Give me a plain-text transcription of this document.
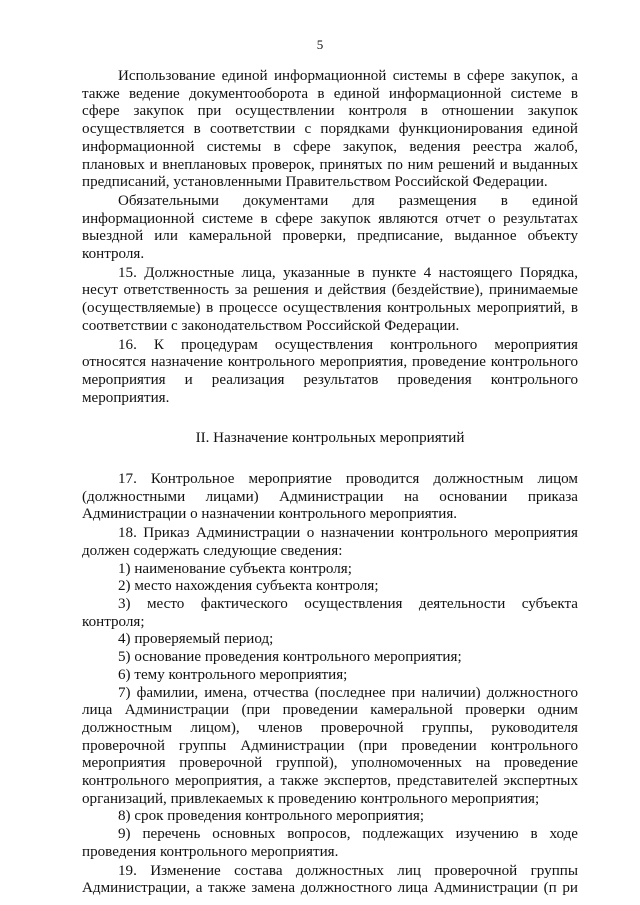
5

Использование единой информационной системы в сфере закупок, а также ведение документооборота в единой информационной системе в сфере закупок при осуществлении контроля в отношении закупок осуществляется в соответствии с порядками функционирования единой информационной системы в сфере закупок, ведения реестра жалоб, плановых и внеплановых проверок, принятых по ним решений и выданных предписаний, установленными Правительством Российской Федерации.

Обязательными документами для размещения в единой информационной системе в сфере закупок являются отчет о результатах выездной или камеральной проверки, предписание, выданное объекту контроля.

15. Должностные лица, указанные в пункте 4 настоящего Порядка, несут ответственность за решения и действия (бездействие), принимаемые (осуществляемые) в процессе осуществления контрольных мероприятий, в соответствии с законодательством Российской Федерации.

16. К процедурам осуществления контрольного мероприятия относятся назначение контрольного мероприятия, проведение контрольного мероприятия и реализация результатов проведения контрольного мероприятия.

II. Назначение контрольных мероприятий

17. Контрольное мероприятие проводится должностным лицом (должностными лицами) Администрации на основании приказа Администрации о назначении контрольного мероприятия.

18. Приказ Администрации о назначении контрольного мероприятия должен содержать следующие сведения:

1) наименование субъекта контроля;

2) место нахождения субъекта контроля;

3) место фактического осуществления деятельности субъекта контроля;

4) проверяемый период;

5) основание проведения контрольного мероприятия;

6) тему контрольного мероприятия;

7) фамилии, имена, отчества (последнее при наличии) должностного лица Администрации (при проведении камеральной проверки одним должностным лицом), членов проверочной группы, руководителя проверочной группы Администрации (при проведении контрольного мероприятия проверочной группой), уполномоченных на проведение контрольного мероприятия, а также экспертов, представителей экспертных организаций, привлекаемых к проведению контрольного мероприятия;

8) срок проведения контрольного мероприятия;

9) перечень основных вопросов, подлежащих изучению в ходе проведения контрольного мероприятия.

19. Изменение состава должностных лиц проверочной группы Администрации, а также замена должностного лица Администрации (п ри
